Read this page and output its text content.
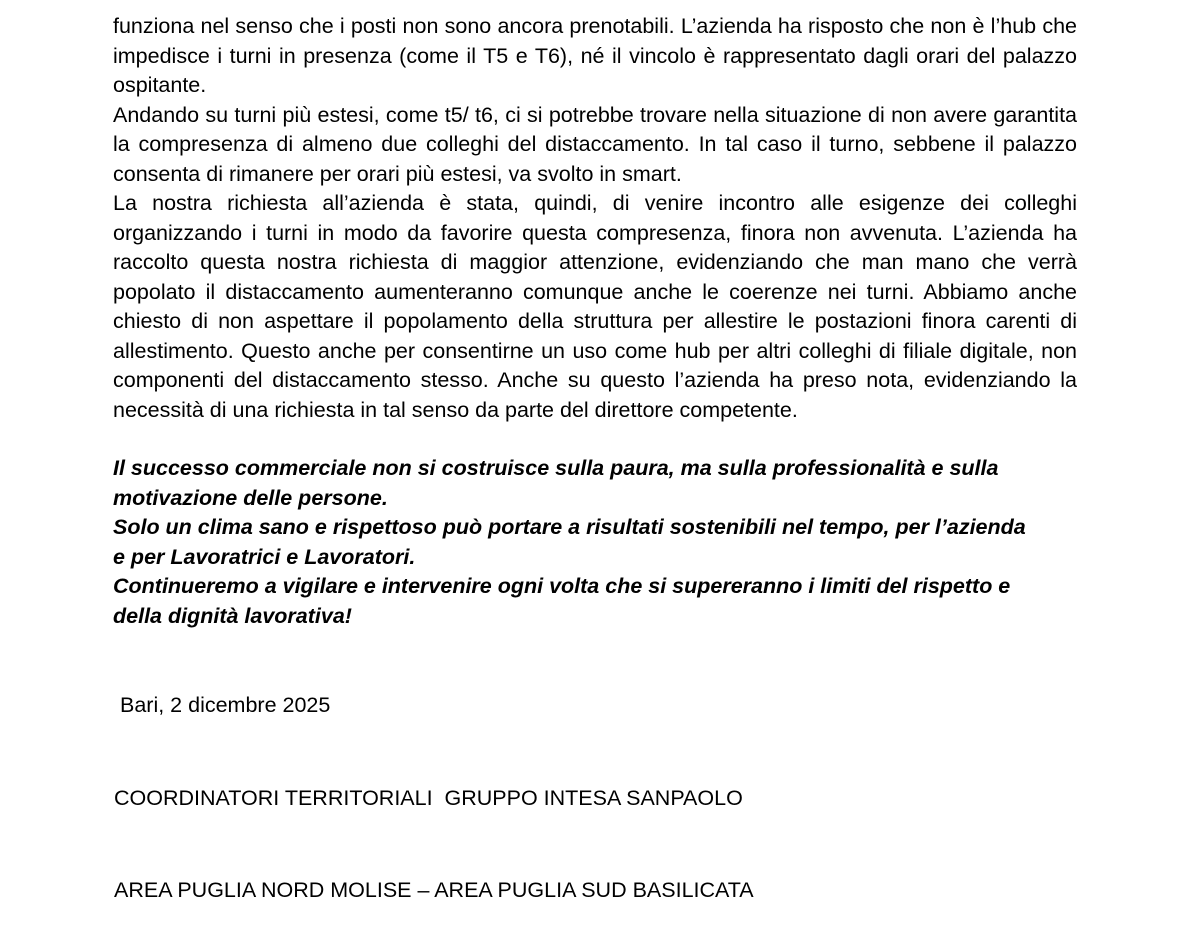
funziona nel senso che i posti non sono ancora prenotabili. L’azienda ha risposto che non è l’hub che impedisce i turni in presenza (come il T5 e T6), né il vincolo è rappresentato dagli orari del palazzo ospitante.

Andando su turni più estesi, come t5/ t6, ci si potrebbe trovare nella situazione di non avere garantita la compresenza di almeno due colleghi del distaccamento. In tal caso il turno, sebbene il palazzo consenta di rimanere per orari più estesi, va svolto in smart.

La nostra richiesta all’azienda è stata, quindi, di venire incontro alle esigenze dei colleghi organizzando i turni in modo da favorire questa compresenza, finora non avvenuta. L’azienda ha raccolto questa nostra richiesta di maggior attenzione, evidenziando che man mano che verrà popolato il distaccamento aumenteranno comunque anche le coerenze nei turni. Abbiamo anche chiesto di non aspettare il popolamento della struttura per allestire le postazioni finora carenti di allestimento. Questo anche per consentirne un uso come hub per altri colleghi di filiale digitale, non componenti del distaccamento stesso. Anche su questo l’azienda ha preso nota, evidenziando la necessità di una richiesta in tal senso da parte del direttore competente.

Il successo commerciale non si costruisce sulla paura, ma sulla professionalità e sulla motivazione delle persone.

Solo un clima sano e rispettoso può portare a risultati sostenibili nel tempo, per l’azienda e per Lavoratrici e Lavoratori.

Continueremo a vigilare e intervenire ogni volta che si supereranno i limiti del rispetto e della dignità lavorativa!

Bari, 2 dicembre 2025
COORDINATORI TERRITORIALI  GRUPPO INTESA SANPAOLO
AREA PUGLIA NORD MOLISE – AREA PUGLIA SUD BASILICATA
